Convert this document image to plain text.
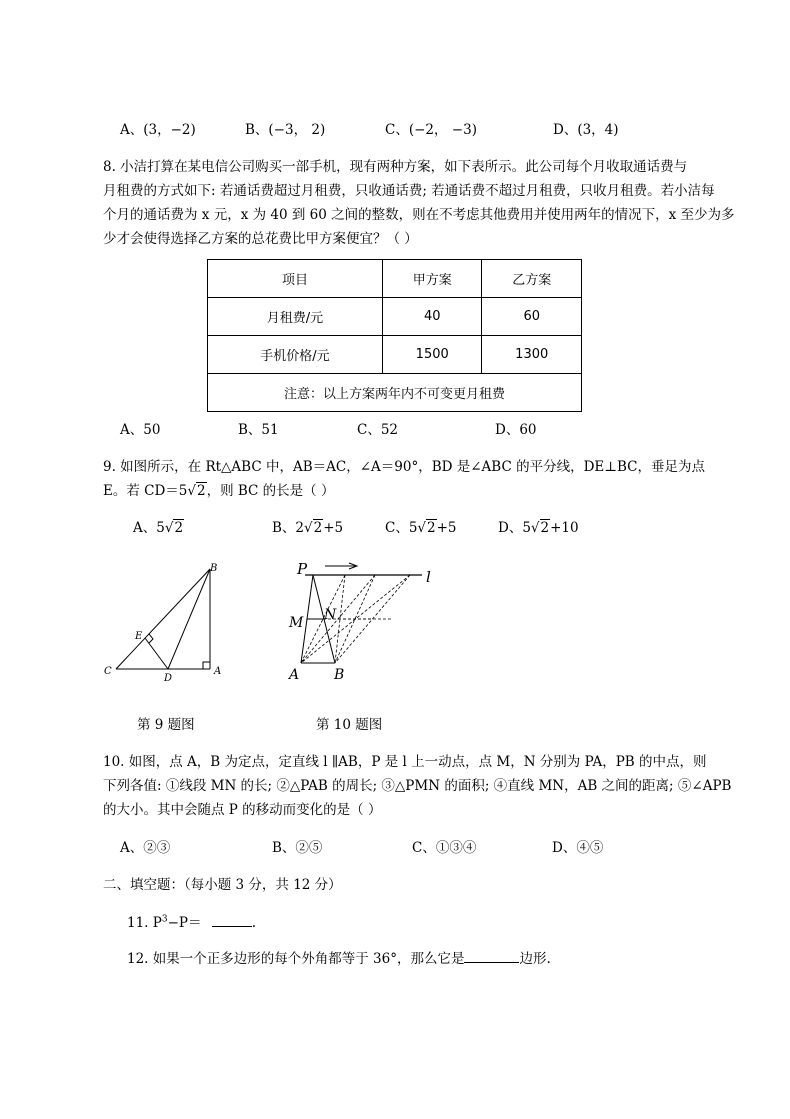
A、(3，−2)	B、(−3， 2)	C、(−2， −3)	D、(3，4)
8. 小洁打算在某电信公司购买一部手机，现有两种方案，如下表所示。此公司每个月收取通话费与
月租费的方式如下: 若通话费超过月租费，只收通话费; 若通话费不超过月租费，只收月租费。若小洁每
个月的通话费为 x 元，x 为 40 到 60 之间的整数，则在不考虑其他费用并使用两年的情况下，x 至少为多
少才会使得选择乙方案的总花费比甲方案便宜？（ ）
项目	甲方案	乙方案
月租费/元	40	60
手机价格/元	1500	1300
注意：以上方案两年内不可变更月租费		
A、50	B、51	C、52	D、60
9. 如图所示，在 Rt△ABC 中，AB＝AC，∠A＝90°，BD 是∠ABC 的平分线，DE⊥BC，垂足为点
E。若 CD＝5√2，则 BC 的长是（ ）
A、5√2	B、2√2+5	C、5√2+5	D、5√2+10
B
E
C
D
A
P	l
M N
A B
第 9 题图	第 10 题图
10. 如图，点 A，B 为定点，定直线 l ∥AB，P 是 l 上一动点，点 M，N 分别为 PA，PB 的中点，则
下列各值: ①线段 MN 的长; ②△PAB 的周长; ③△PMN 的面积; ④直线 MN，AB 之间的距离; ⑤∠APB
的大小。其中会随点 P 的移动而变化的是（ ）
A、②③	B、②⑤	C、①③④	D、④⑤
二、填空题：（每小题 3 分，共 12 分）
11. $P^3-P=$	.
12. 如果一个正多边形的每个外角都等于 36°，那么它是	边形.
